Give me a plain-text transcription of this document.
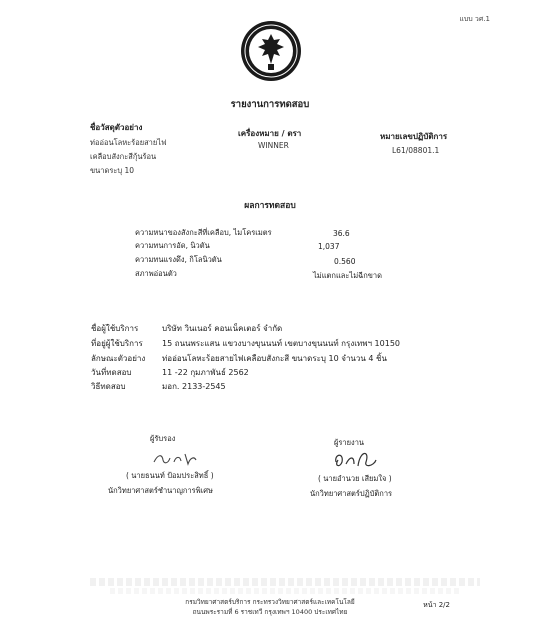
แบบ วศ.1
รายงานการทดสอบ
ชื่อวัสดุตัวอย่าง
ท่ออ่อนโลหะร้อยสายไฟ
เคลือบสังกะสีกุ้นร้อน
ขนาดระบุ 10
เครื่องหมาย / ตรา
WINNER
หมายเลขปฏิบัติการ
L61/08801.1
ผลการทดสอบ
ความหนาของสังกะสีที่เคลือบ, ไมโครเมตร	36.6
ความทนการอัด, นิวตัน	1,037
ความทนแรงดึง, กิโลนิวตัน	0.560
สภาพอ่อนตัว	ไม่แตกและไม่ฉีกขาด
ชื่อผู้ใช้บริการ	บริษัท วินเนอร์ คอนเน็คเตอร์ จำกัด
ที่อยู่ผู้ใช้บริการ 15 ถนนพระแสน แขวงบางขุนนนท์ เขตบางขุนนนท์ กรุงเทพฯ 10150
ลักษณะตัวอย่าง ท่ออ่อนโลหะร้อยสายไฟเคลือบสังกะสี ขนาดระบุ 10 จำนวน 4 ชิ้น
วันที่ทดสอบ	11 -22 กุมภาพันธ์ 2562
วิธีทดสอบ	มอก. 2133-2545
ผู้รับรอง
( นายธนนท์ ป้อมประสิทธิ์ )
นักวิทยาศาสตร์ชำนาญการพิเศษ
ผู้รายงาน
( นายอำนวย เสียมใจ )
นักวิทยาศาสตร์ปฏิบัติการ
กรมวิทยาศาสตร์บริการ กระทรวงวิทยาศาสตร์และเทคโนโลยี
ถนนพระรามที่ 6 ราชเทวี กรุงเทพฯ 10400 ประเทศไทย
หน้า 2/2
